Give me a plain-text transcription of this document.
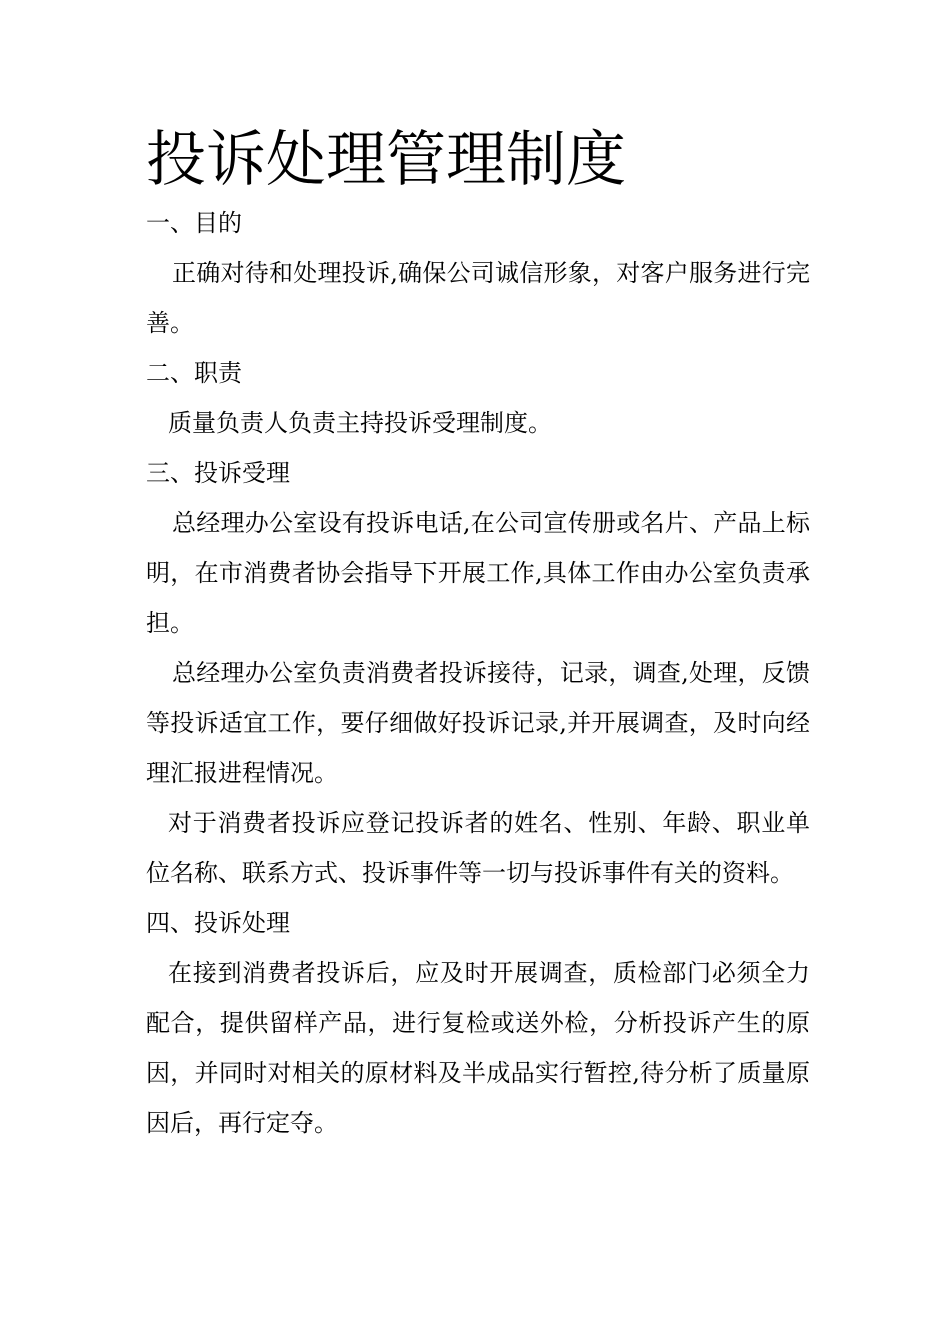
投诉处理管理制度

一、目的

正确对待和处理投诉,确保公司诚信形象，对客户服务进行完善。

二、职责

质量负责人负责主持投诉受理制度。

三、投诉受理

总经理办公室设有投诉电话,在公司宣传册或名片、产品上标明，在市消费者协会指导下开展工作,具体工作由办公室负责承担。

总经理办公室负责消费者投诉接待，记录，调查,处理，反馈等投诉适宜工作，要仔细做好投诉记录,并开展调查，及时向经理汇报进程情况。

对于消费者投诉应登记投诉者的姓名、性别、年龄、职业单位名称、联系方式、投诉事件等一切与投诉事件有关的资料。

四、投诉处理

在接到消费者投诉后，应及时开展调查，质检部门必须全力配合，提供留样产品，进行复检或送外检，分析投诉产生的原因，并同时对相关的原材料及半成品实行暂控,待分析了质量原因后，再行定夺。
